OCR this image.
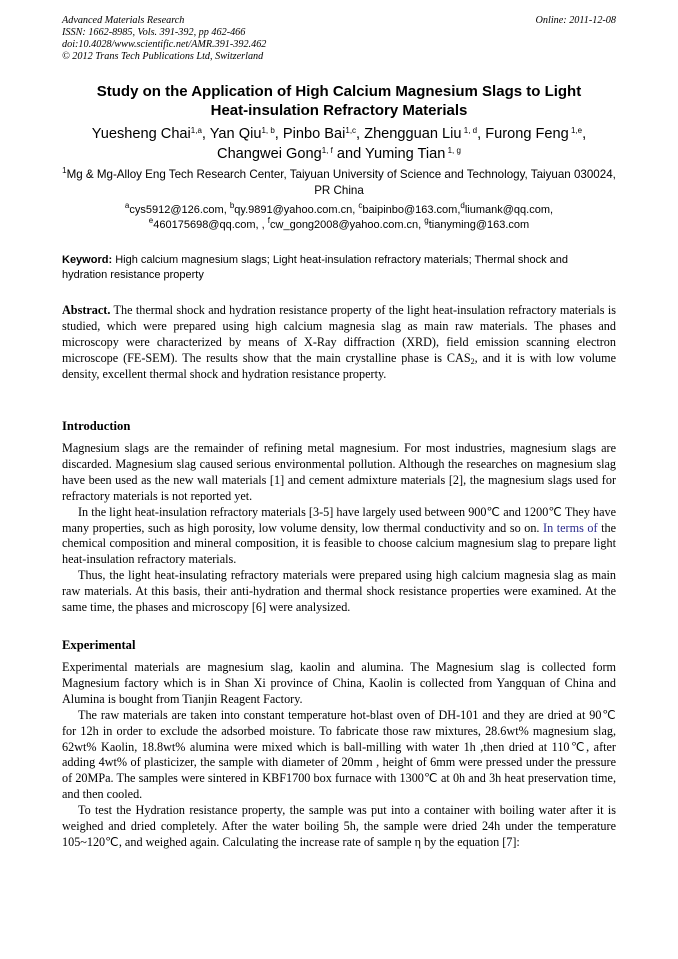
Advanced Materials Research
ISSN: 1662-8985, Vols. 391-392, pp 462-466
doi:10.4028/www.scientific.net/AMR.391-392.462
© 2012 Trans Tech Publications Ltd, Switzerland
Online: 2011-12-08
Study on the Application of High Calcium Magnesium Slags to Light
Heat-insulation Refractory Materials
Yuesheng Chai$^{1,a}$, Yan Qiu$^{1, b}$, Pinbo Bai$^{1,c}$, Zhengguan Liu $^{1, d}$, Furong Feng $^{1,e}$,
Changwei Gong$^{1, f}$ and Yuming Tian $^{1, g}$
$^1$Mg & Mg-Alloy Eng Tech Research Center, Taiyuan University of Science and Technology, Taiyuan 030024, PR China
$^a$cys5912@126.com, $^b$qy.9891@yahoo.com.cn, $^c$baipinbo@163.com,$^d$liumank@qq.com,
$^e$460175698@qq.com, , $^f$cw_gong2008@yahoo.com.cn, $^g$tianyming@163.com
Keyword: High calcium magnesium slags; Light heat-insulation refractory materials; Thermal shock and hydration resistance property

Abstract. The thermal shock and hydration resistance property of the light heat-insulation refractory materials is studied, which were prepared using high calcium magnesia slag as main raw materials. The phases and microscopy were characterized by means of X-Ray diffraction (XRD), field emission scanning electron microscope (FE-SEM). The results show that the main crystalline phase is $CAS_2$, and it is with low volume density, excellent thermal shock and hydration resistance property.

Introduction

Magnesium slags are the remainder of refining metal magnesium. For most industries, magnesium slags are discarded. Magnesium slag caused serious environmental pollution. Although the researches on magnesium slag have been used as the new wall materials [1] and cement admixture materials [2], the magnesium slags used for refractory materials is not reported yet.

In the light heat-insulation refractory materials [3-5] have largely used between 900℃ and 1200℃ They have many properties, such as high porosity, low volume density, low thermal conductivity and so on. In terms of the chemical composition and mineral composition, it is feasible to choose calcium magnesium slag to prepare light heat-insulation refractory materials.

Thus, the light heat-insulating refractory materials were prepared using high calcium magnesia slag as main raw materials. At this basis, their anti-hydration and thermal shock resistance properties were examined. At the same time, the phases and microscopy [6] were analysized.

Experimental

Experimental materials are magnesium slag, kaolin and alumina. The Magnesium slag is collected form Magnesium factory which is in Shan Xi province of China, Kaolin is collected from Yangquan of China and Alumina is bought from Tianjin Reagent Factory.

The raw materials are taken into constant temperature hot-blast oven of DH-101 and they are dried at 90℃ for 12h in order to exclude the adsorbed moisture. To fabricate those raw mixtures, 28.6wt% magnesium slag, 62wt% Kaolin, 18.8wt% alumina were mixed which is ball-milling with water 1h ,then dried at 110℃, after adding 4wt% of plasticizer, the sample with diameter of 20mm , height of 6mm were pressed under the pressure of 20MPa. The samples were sintered in KBF1700 box furnace with 1300℃ at 0h and 3h heat preservation time, and then cooled.

To test the Hydration resistance property, the sample was put into a container with boiling water after it is weighed and dried completely. After the water boiling 5h, the sample were dried 24h under the temperature 105~120℃, and weighed again. Calculating the increase rate of sample η by the equation [7]:
